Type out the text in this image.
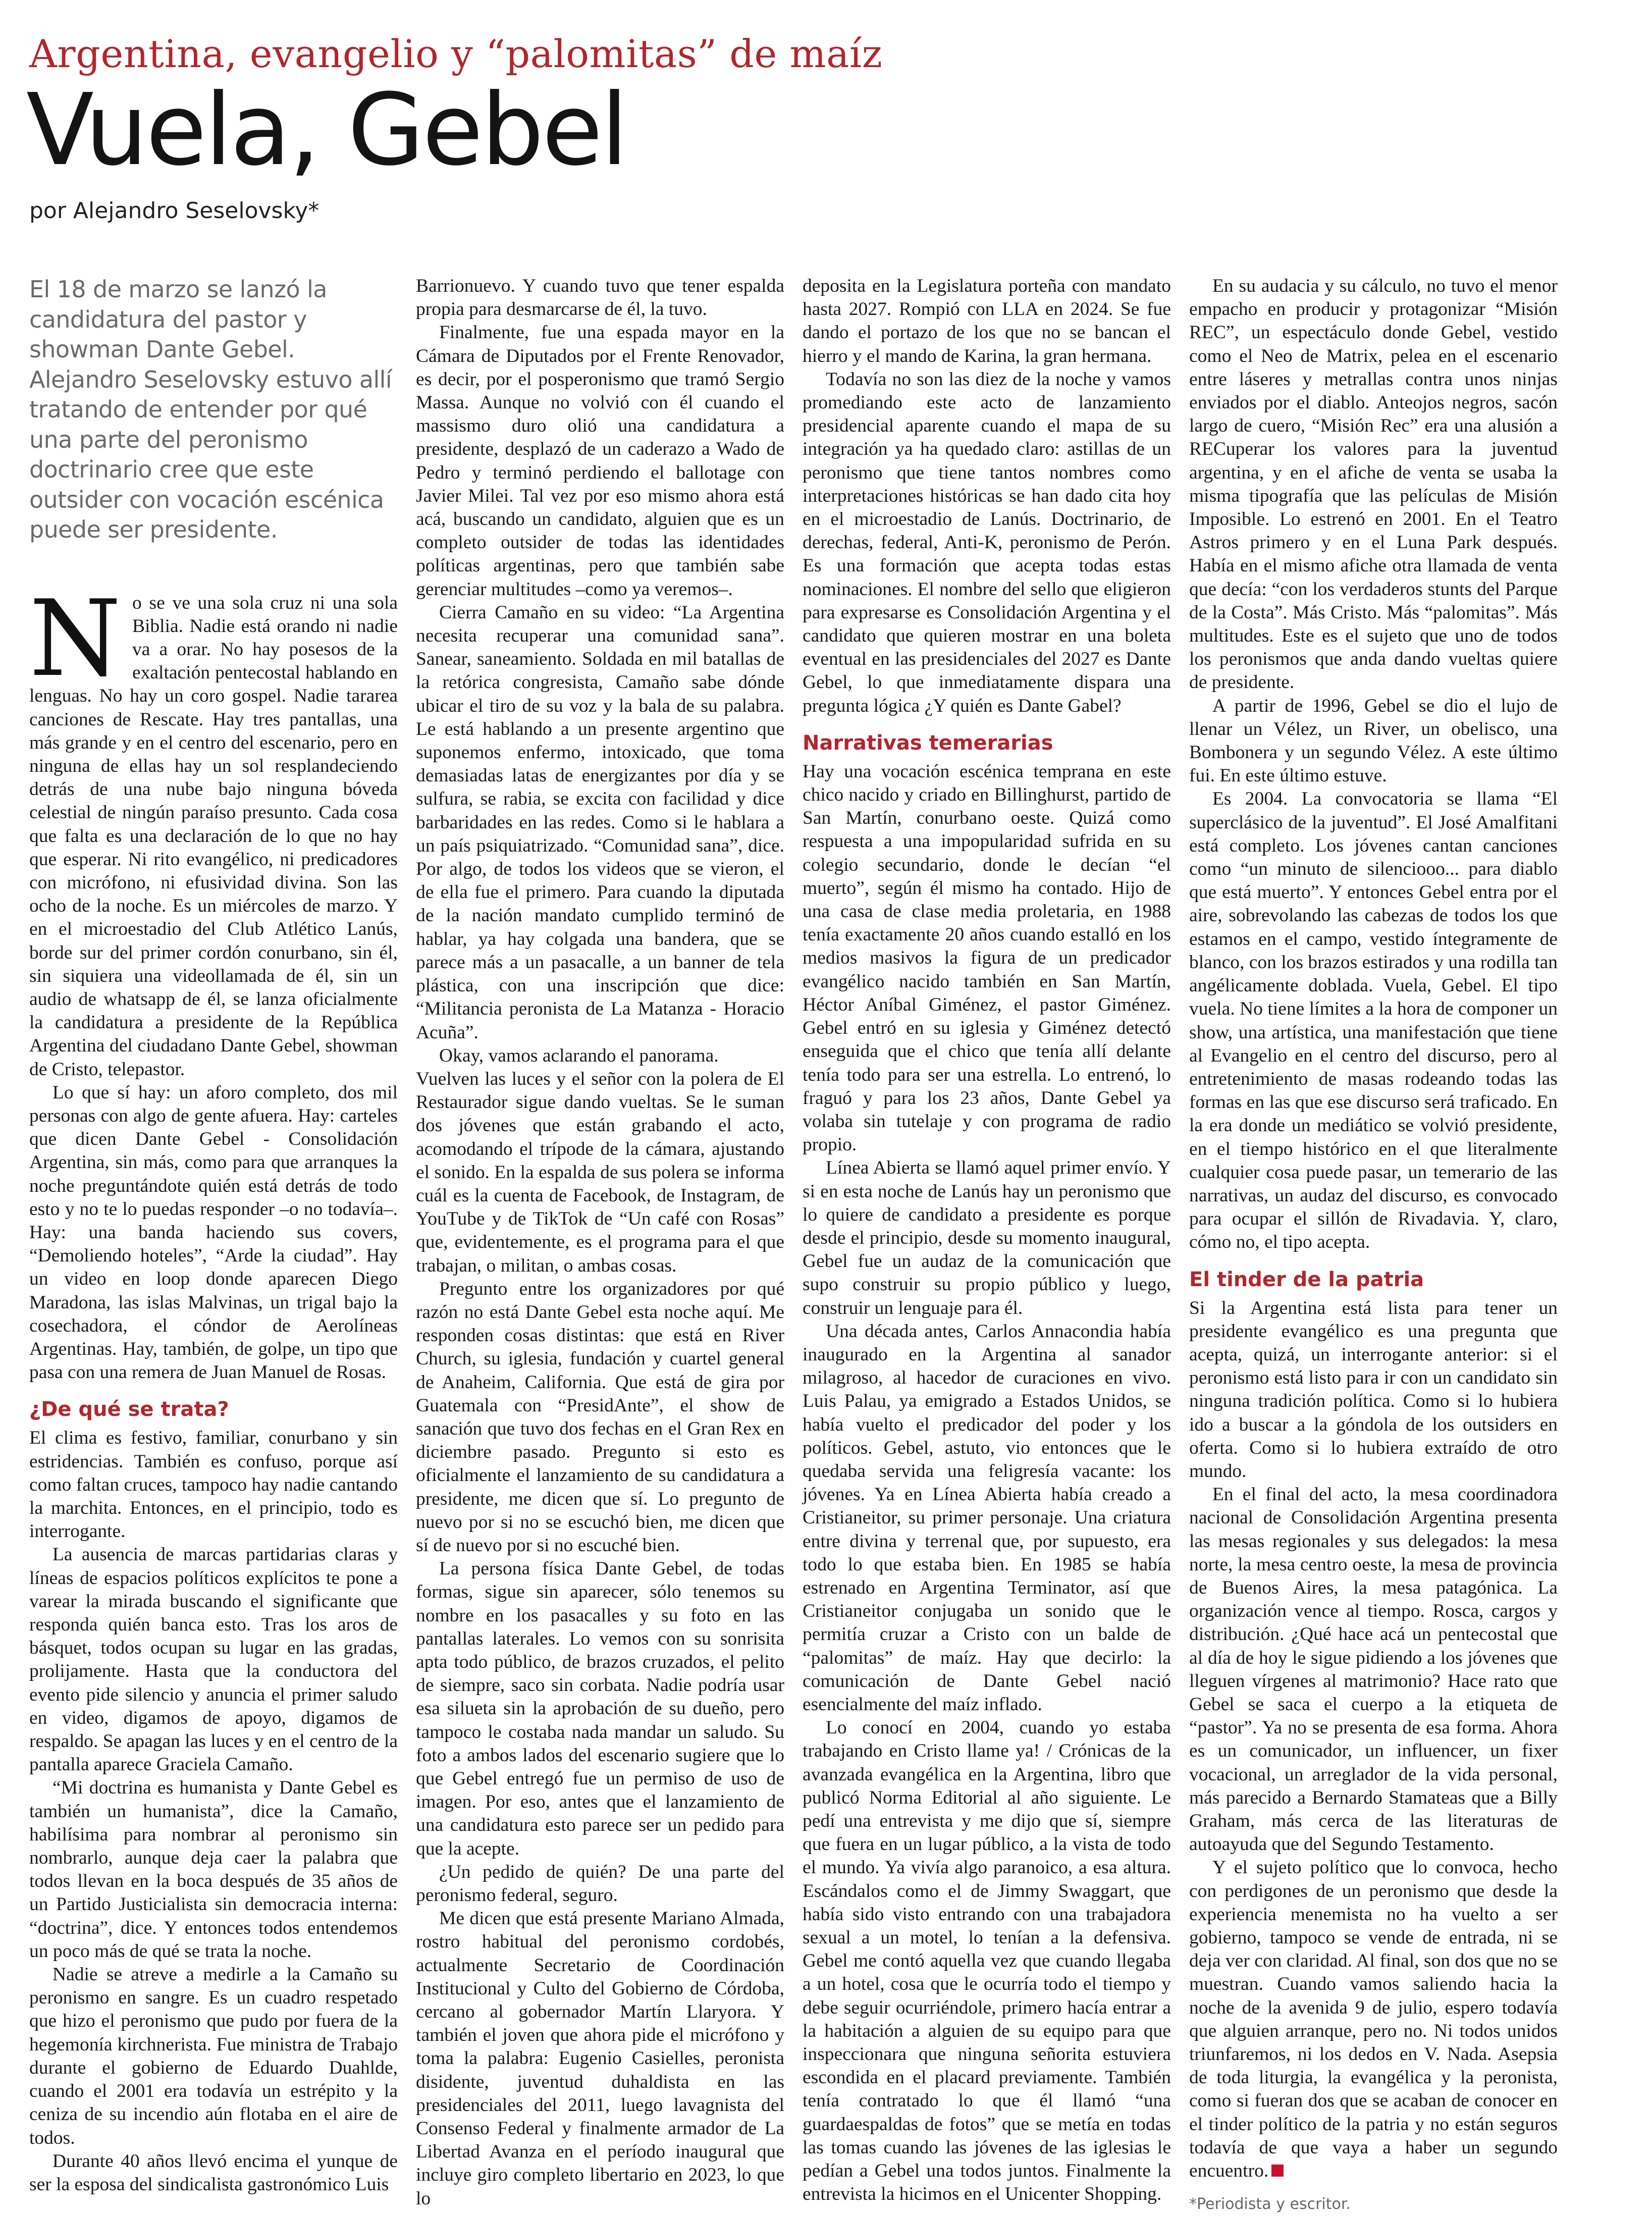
Argentina, evangelio y “palomitas” de maíz
Vuela, Gebel
por Alejandro Seselovsky*
El 18 de marzo se lanzó la candidatura del pastor y showman Dante Gebel. Alejandro Seselovsky estuvo allí tratando de entender por qué una parte del peronismo doctrinario cree que este outsider con vocación escénica puede ser presidente.

No se ve una sola cruz ni una sola Biblia. Nadie está orando ni nadie va a orar. No hay posesos de la exaltación pentecostal hablando en lenguas. No hay un coro gospel. Nadie tararea canciones de Rescate. Hay tres pantallas, una más grande y en el centro del escenario, pero en ninguna de ellas hay un sol resplandeciendo detrás de una nube bajo ninguna bóveda celestial de ningún paraíso presunto. Cada cosa que falta es una declaración de lo que no hay que esperar. Ni rito evangélico, ni predicadores con micrófono, ni efusividad divina. Son las ocho de la noche. Es un miércoles de marzo. Y en el microestadio del Club Atlético Lanús, borde sur del primer cordón conurbano, sin él, sin siquiera una videollamada de él, sin un audio de whatsapp de él, se lanza oficialmente la candidatura a presidente de la República Argentina del ciudadano Dante Gebel, showman de Cristo, telepastor.

Lo que sí hay: un aforo completo, dos mil personas con algo de gente afuera. Hay: carteles que dicen Dante Gebel - Consolidación Argentina, sin más, como para que arranques la noche preguntándote quién está detrás de todo esto y no te lo puedas responder –o no todavía–. Hay: una banda haciendo sus covers, “Demoliendo hoteles”, “Arde la ciudad”. Hay un video en loop donde aparecen Diego Maradona, las islas Malvinas, un trigal bajo la cosechadora, el cóndor de Aerolíneas Argentinas. Hay, también, de golpe, un tipo que pasa con una remera de Juan Manuel de Rosas.

¿De qué se trata?

El clima es festivo, familiar, conurbano y sin estridencias. También es confuso, porque así como faltan cruces, tampoco hay nadie cantando la marchita. Entonces, en el principio, todo es interrogante.

La ausencia de marcas partidarias claras y líneas de espacios políticos explícitos te pone a varear la mirada buscando el significante que responda quién banca esto. Tras los aros de básquet, todos ocupan su lugar en las gradas, prolijamente. Hasta que la conductora del evento pide silencio y anuncia el primer saludo en video, digamos de apoyo, digamos de respaldo. Se apagan las luces y en el centro de la pantalla aparece Graciela Camaño.

“Mi doctrina es humanista y Dante Gebel es también un humanista”, dice la Camaño, habilísima para nombrar al peronismo sin nombrarlo, aunque deja caer la palabra que todos llevan en la boca después de 35 años de un Partido Justicialista sin democracia interna: “doctrina”, dice. Y entonces todos entendemos un poco más de qué se trata la noche.

Nadie se atreve a medirle a la Camaño su peronismo en sangre. Es un cuadro respetado que hizo el peronismo que pudo por fuera de la hegemonía kirchnerista. Fue ministra de Trabajo durante el gobierno de Eduardo Duahlde, cuando el 2001 era todavía un estrépito y la ceniza de su incendio aún flotaba en el aire de todos.

Durante 40 años llevó encima el yunque de ser la esposa del sindicalista gastronómico Luis

Barrionuevo. Y cuando tuvo que tener espalda propia para desmarcarse de él, la tuvo.

Finalmente, fue una espada mayor en la Cámara de Diputados por el Frente Renovador, es decir, por el posperonismo que tramó Sergio Massa. Aunque no volvió con él cuando el massismo duro olió una candidatura a presidente, desplazó de un caderazo a Wado de Pedro y terminó perdiendo el ballotage con Javier Milei. Tal vez por eso mismo ahora está acá, buscando un candidato, alguien que es un completo outsider de todas las identidades políticas argentinas, pero que también sabe gerenciar multitudes –como ya veremos–.

Cierra Camaño en su video: “La Argentina necesita recuperar una comunidad sana”. Sanear, saneamiento. Soldada en mil batallas de la retórica congresista, Camaño sabe dónde ubicar el tiro de su voz y la bala de su palabra. Le está hablando a un presente argentino que suponemos enfermo, intoxicado, que toma demasiadas latas de energizantes por día y se sulfura, se rabia, se excita con facilidad y dice barbaridades en las redes. Como si le hablara a un país psiquiatrizado. “Comunidad sana”, dice. Por algo, de todos los videos que se vieron, el de ella fue el primero. Para cuando la diputada de la nación mandato cumplido terminó de hablar, ya hay colgada una bandera, que se parece más a un pasacalle, a un banner de tela plástica, con una inscripción que dice: “Militancia peronista de La Matanza - Horacio Acuña”.

Okay, vamos aclarando el panorama.

Vuelven las luces y el señor con la polera de El Restaurador sigue dando vueltas. Se le suman dos jóvenes que están grabando el acto, acomodando el trípode de la cámara, ajustando el sonido. En la espalda de sus polera se informa cuál es la cuenta de Facebook, de Instagram, de YouTube y de TikTok de “Un café con Rosas” que, evidentemente, es el programa para el que trabajan, o militan, o ambas cosas.

Pregunto entre los organizadores por qué razón no está Dante Gebel esta noche aquí. Me responden cosas distintas: que está en River Church, su iglesia, fundación y cuartel general de Anaheim, California. Que está de gira por Guatemala con “PresidAnte”, el show de sanación que tuvo dos fechas en el Gran Rex en diciembre pasado. Pregunto si esto es oficialmente el lanzamiento de su candidatura a presidente, me dicen que sí. Lo pregunto de nuevo por si no se escuchó bien, me dicen que sí de nuevo por si no escuché bien.

La persona física Dante Gebel, de todas formas, sigue sin aparecer, sólo tenemos su nombre en los pasacalles y su foto en las pantallas laterales. Lo vemos con su sonrisita apta todo público, de brazos cruzados, el pelito de siempre, saco sin corbata. Nadie podría usar esa silueta sin la aprobación de su dueño, pero tampoco le costaba nada mandar un saludo. Su foto a ambos lados del escenario sugiere que lo que Gebel entregó fue un permiso de uso de imagen. Por eso, antes que el lanzamiento de una candidatura esto parece ser un pedido para que la acepte.

¿Un pedido de quién? De una parte del peronismo federal, seguro.

Me dicen que está presente Mariano Almada, rostro habitual del peronismo cordobés, actualmente Secretario de Coordinación Institucional y Culto del Gobierno de Córdoba, cercano al gobernador Martín Llaryora. Y también el joven que ahora pide el micrófono y toma la palabra: Eugenio Casielles, peronista disidente, juventud duhaldista en las presidenciales del 2011, luego lavagnista del Consenso Federal y finalmente armador de La Libertad Avanza en el período inaugural que incluye giro completo libertario en 2023, lo que lo

deposita en la Legislatura porteña con mandato hasta 2027. Rompió con LLA en 2024. Se fue dando el portazo de los que no se bancan el hierro y el mando de Karina, la gran hermana.

Todavía no son las diez de la noche y vamos promediando este acto de lanzamiento presidencial aparente cuando el mapa de su integración ya ha quedado claro: astillas de un peronismo que tiene tantos nombres como interpretaciones históricas se han dado cita hoy en el microestadio de Lanús. Doctrinario, de derechas, federal, Anti-K, peronismo de Perón. Es una formación que acepta todas estas nominaciones. El nombre del sello que eligieron para expresarse es Consolidación Argentina y el candidato que quieren mostrar en una boleta eventual en las presidenciales del 2027 es Dante Gebel, lo que inmediatamente dispara una pregunta lógica ¿Y quién es Dante Gabel?

Narrativas temerarias

Hay una vocación escénica temprana en este chico nacido y criado en Billinghurst, partido de San Martín, conurbano oeste. Quizá como respuesta a una impopularidad sufrida en su colegio secundario, donde le decían “el muerto”, según él mismo ha contado. Hijo de una casa de clase media proletaria, en 1988 tenía exactamente 20 años cuando estalló en los medios masivos la figura de un predicador evangélico nacido también en San Martín, Héctor Aníbal Giménez, el pastor Giménez. Gebel entró en su iglesia y Giménez detectó enseguida que el chico que tenía allí delante tenía todo para ser una estrella. Lo entrenó, lo fraguó y para los 23 años, Dante Gebel ya volaba sin tutelaje y con programa de radio propio.

Línea Abierta se llamó aquel primer envío. Y si en esta noche de Lanús hay un peronismo que lo quiere de candidato a presidente es porque desde el principio, desde su momento inaugural, Gebel fue un audaz de la comunicación que supo construir su propio público y luego, construir un lenguaje para él.

Una década antes, Carlos Annacondia había inaugurado en la Argentina al sanador milagroso, al hacedor de curaciones en vivo. Luis Palau, ya emigrado a Estados Unidos, se había vuelto el predicador del poder y los políticos. Gebel, astuto, vio entonces que le quedaba servida una feligresía vacante: los jóvenes. Ya en Línea Abierta había creado a Cristianeitor, su primer personaje. Una criatura entre divina y terrenal que, por supuesto, era todo lo que estaba bien. En 1985 se había estrenado en Argentina Terminator, así que Cristianeitor conjugaba un sonido que le permitía cruzar a Cristo con un balde de “palomitas” de maíz. Hay que decirlo: la comunicación de Dante Gebel nació esencialmente del maíz inflado.

Lo conocí en 2004, cuando yo estaba trabajando en Cristo llame ya! / Crónicas de la avanzada evangélica en la Argentina, libro que publicó Norma Editorial al año siguiente. Le pedí una entrevista y me dijo que sí, siempre que fuera en un lugar público, a la vista de todo el mundo. Ya vivía algo paranoico, a esa altura. Escándalos como el de Jimmy Swaggart, que había sido visto entrando con una trabajadora sexual a un motel, lo tenían a la defensiva. Gebel me contó aquella vez que cuando llegaba a un hotel, cosa que le ocurría todo el tiempo y debe seguir ocurriéndole, primero hacía entrar a la habitación a alguien de su equipo para que inspeccionara que ninguna señorita estuviera escondida en el placard previamente. También tenía contratado lo que él llamó “una guardaespaldas de fotos” que se metía en todas las tomas cuando las jóvenes de las iglesias le pedían a Gebel una todos juntos. Finalmente la entrevista la hicimos en el Unicenter Shopping.

En su audacia y su cálculo, no tuvo el menor empacho en producir y protagonizar “Misión REC”, un espectáculo donde Gebel, vestido como el Neo de Matrix, pelea en el escenario entre láseres y metrallas contra unos ninjas enviados por el diablo. Anteojos negros, sacón largo de cuero, “Misión Rec” era una alusión a RECuperar los valores para la juventud argentina, y en el afiche de venta se usaba la misma tipografía que las películas de Misión Imposible. Lo estrenó en 2001. En el Teatro Astros primero y en el Luna Park después. Había en el mismo afiche otra llamada de venta que decía: “con los verdaderos stunts del Parque de la Costa”. Más Cristo. Más “palomitas”. Más multitudes. Este es el sujeto que uno de todos los peronismos que anda dando vueltas quiere de presidente.

A partir de 1996, Gebel se dio el lujo de llenar un Vélez, un River, un obelisco, una Bombonera y un segundo Vélez. A este último fui. En este último estuve.

Es 2004. La convocatoria se llama “El superclásico de la juventud”. El José Amalfitani está completo. Los jóvenes cantan canciones como “un minuto de silenciooo... para diablo que está muerto”. Y entonces Gebel entra por el aire, sobrevolando las cabezas de todos los que estamos en el campo, vestido íntegramente de blanco, con los brazos estirados y una rodilla tan angélicamente doblada. Vuela, Gebel. El tipo vuela. No tiene límites a la hora de componer un show, una artística, una manifestación que tiene al Evangelio en el centro del discurso, pero al entretenimiento de masas rodeando todas las formas en las que ese discurso será traficado. En la era donde un mediático se volvió presidente, en el tiempo histórico en el que literalmente cualquier cosa puede pasar, un temerario de las narrativas, un audaz del discurso, es convocado para ocupar el sillón de Rivadavia. Y, claro, cómo no, el tipo acepta.

El tinder de la patria

Si la Argentina está lista para tener un presidente evangélico es una pregunta que acepta, quizá, un interrogante anterior: si el peronismo está listo para ir con un candidato sin ninguna tradición política. Como si lo hubiera ido a buscar a la góndola de los outsiders en oferta. Como si lo hubiera extraído de otro mundo.

En el final del acto, la mesa coordinadora nacional de Consolidación Argentina presenta las mesas regionales y sus delegados: la mesa norte, la mesa centro oeste, la mesa de provincia de Buenos Aires, la mesa patagónica. La organización vence al tiempo. Rosca, cargos y distribución. ¿Qué hace acá un pentecostal que al día de hoy le sigue pidiendo a los jóvenes que lleguen vírgenes al matrimonio? Hace rato que Gebel se saca el cuerpo a la etiqueta de “pastor”. Ya no se presenta de esa forma. Ahora es un comunicador, un influencer, un fixer vocacional, un arreglador de la vida personal, más parecido a Bernardo Stamateas que a Billy Graham, más cerca de las literaturas de autoayuda que del Segundo Testamento.

Y el sujeto político que lo convoca, hecho con perdigones de un peronismo que desde la experiencia menemista no ha vuelto a ser gobierno, tampoco se vende de entrada, ni se deja ver con claridad. Al final, son dos que no se muestran. Cuando vamos saliendo hacia la noche de la avenida 9 de julio, espero todavía que alguien arranque, pero no. Ni todos unidos triunfaremos, ni los dedos en V. Nada. Asepsia de toda liturgia, la evangélica y la peronista, como si fueran dos que se acaban de conocer en el tinder político de la patria y no están seguros todavía de que vaya a haber un segundo encuentro.

*Periodista y escritor.
